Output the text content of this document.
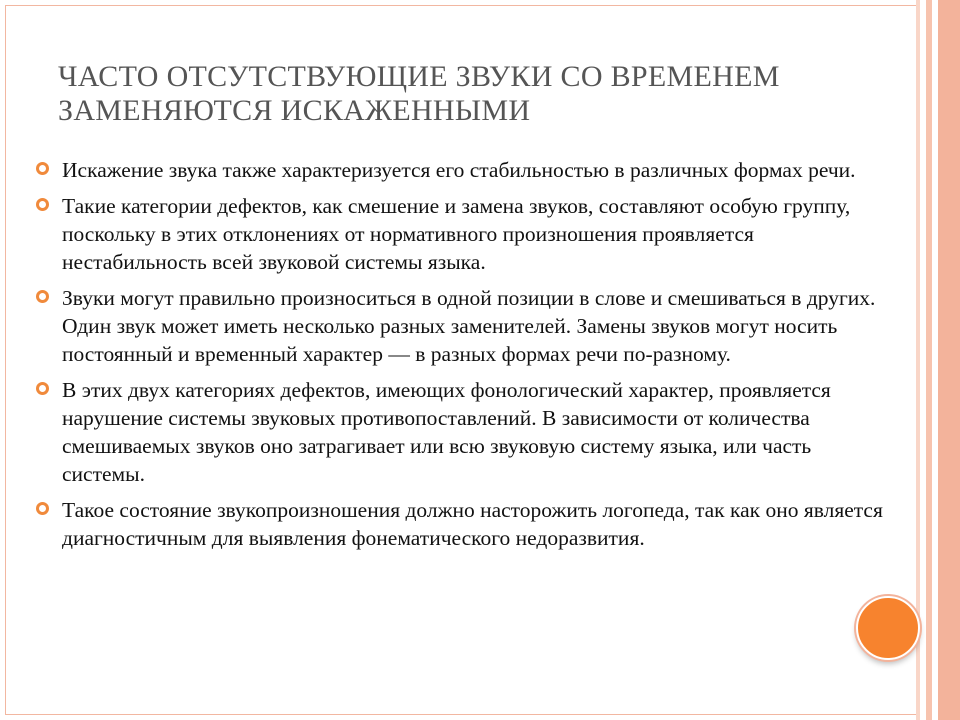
ЧАСТО ОТСУТСТВУЮЩИЕ ЗВУКИ СО ВРЕМЕНЕМ ЗАМЕНЯЮТСЯ ИСКАЖЕННЫМИ
Искажение звука также характеризуется его стабильностью в различных формах речи.
Такие категории дефектов, как смешение и замена звуков, составляют особую группу, поскольку в этих отклонениях от нормативного произношения проявляется нестабильность всей звуковой системы языка.
Звуки могут правильно произноситься в одной позиции в слове и смешиваться в других. Один звук может иметь несколько разных заменителей. Замены звуков могут носить постоянный и временный характер — в разных формах речи по-разному.
В этих двух категориях дефектов, имеющих фонологический характер, проявляется нарушение системы звуковых противопоставлений. В зависимости от количества смешиваемых звуков оно затрагивает или всю звуковую систему языка, или часть системы.
Такое состояние звукопроизношения должно насторожить логопеда, так как оно является диагностичным для выявления фонематического недоразвития.
